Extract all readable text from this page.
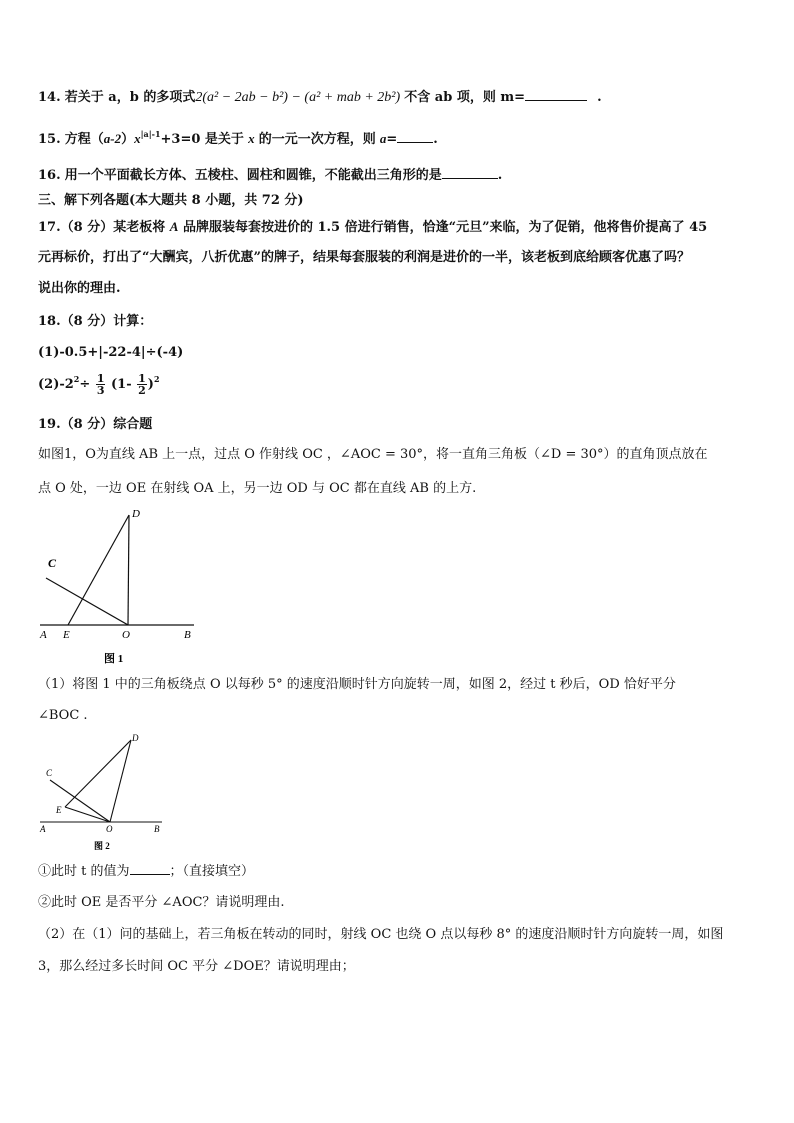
14. 若关于 a，b 的多项式2(a² − 2ab − b²) − (a² + mab + 2b²) 不含 ab 项，则 m=	.
15. 方程$(a-2)x^{|a|-1}+3=0$ 是关于 x 的一元一次方程，则 a=	.
16. 用一个平面截长方体、五棱柱、圆柱和圆锥，不能截出三角形的是	.
三、解下列各题(本大题共 8 小题，共 72 分)
17.（8 分）某老板将 A 品牌服装每套按进价的 1.5 倍进行销售，恰逢“元旦”来临，为了促销，他将售价提高了 45
元再标价，打出了“大酬宾，八折优惠”的牌子，结果每套服装的利润是进价的一半，该老板到底给顾客优惠了吗？
说出你的理由.
18.（8 分）计算：
(1)-0.5+|-22-4|÷(-4)
$(2)-2^2\div \frac{1}{3} (1- \frac{1}{2} )^2$
19.（8 分）综合题
如图1，O为直线 AB 上一点，过点 O 作射线 OC ，∠AOC = 30°，将一直角三角板（∠D = 30°）的直角顶点放在
点 O 处，一边 OE 在射线 OA 上，另一边 OD 与 OC 都在直线 AB 的上方.
D
C
A E	O	B
图 1
（1）将图 1 中的三角板绕点 O 以每秒 5° 的速度沿顺时针方向旋转一周，如图 2，经过 t 秒后，OD 恰好平分
∠BOC .
D
C
E
A	O	B
图 2
①此时 t 的值为	；（直接填空）
②此时 OE 是否平分 ∠AOC？请说明理由.
（2）在（1）问的基础上，若三角板在转动的同时，射线 OC 也绕 O 点以每秒 8° 的速度沿顺时针方向旋转一周，如图
3，那么经过多长时间 OC 平分 ∠DOE？请说明理由；
